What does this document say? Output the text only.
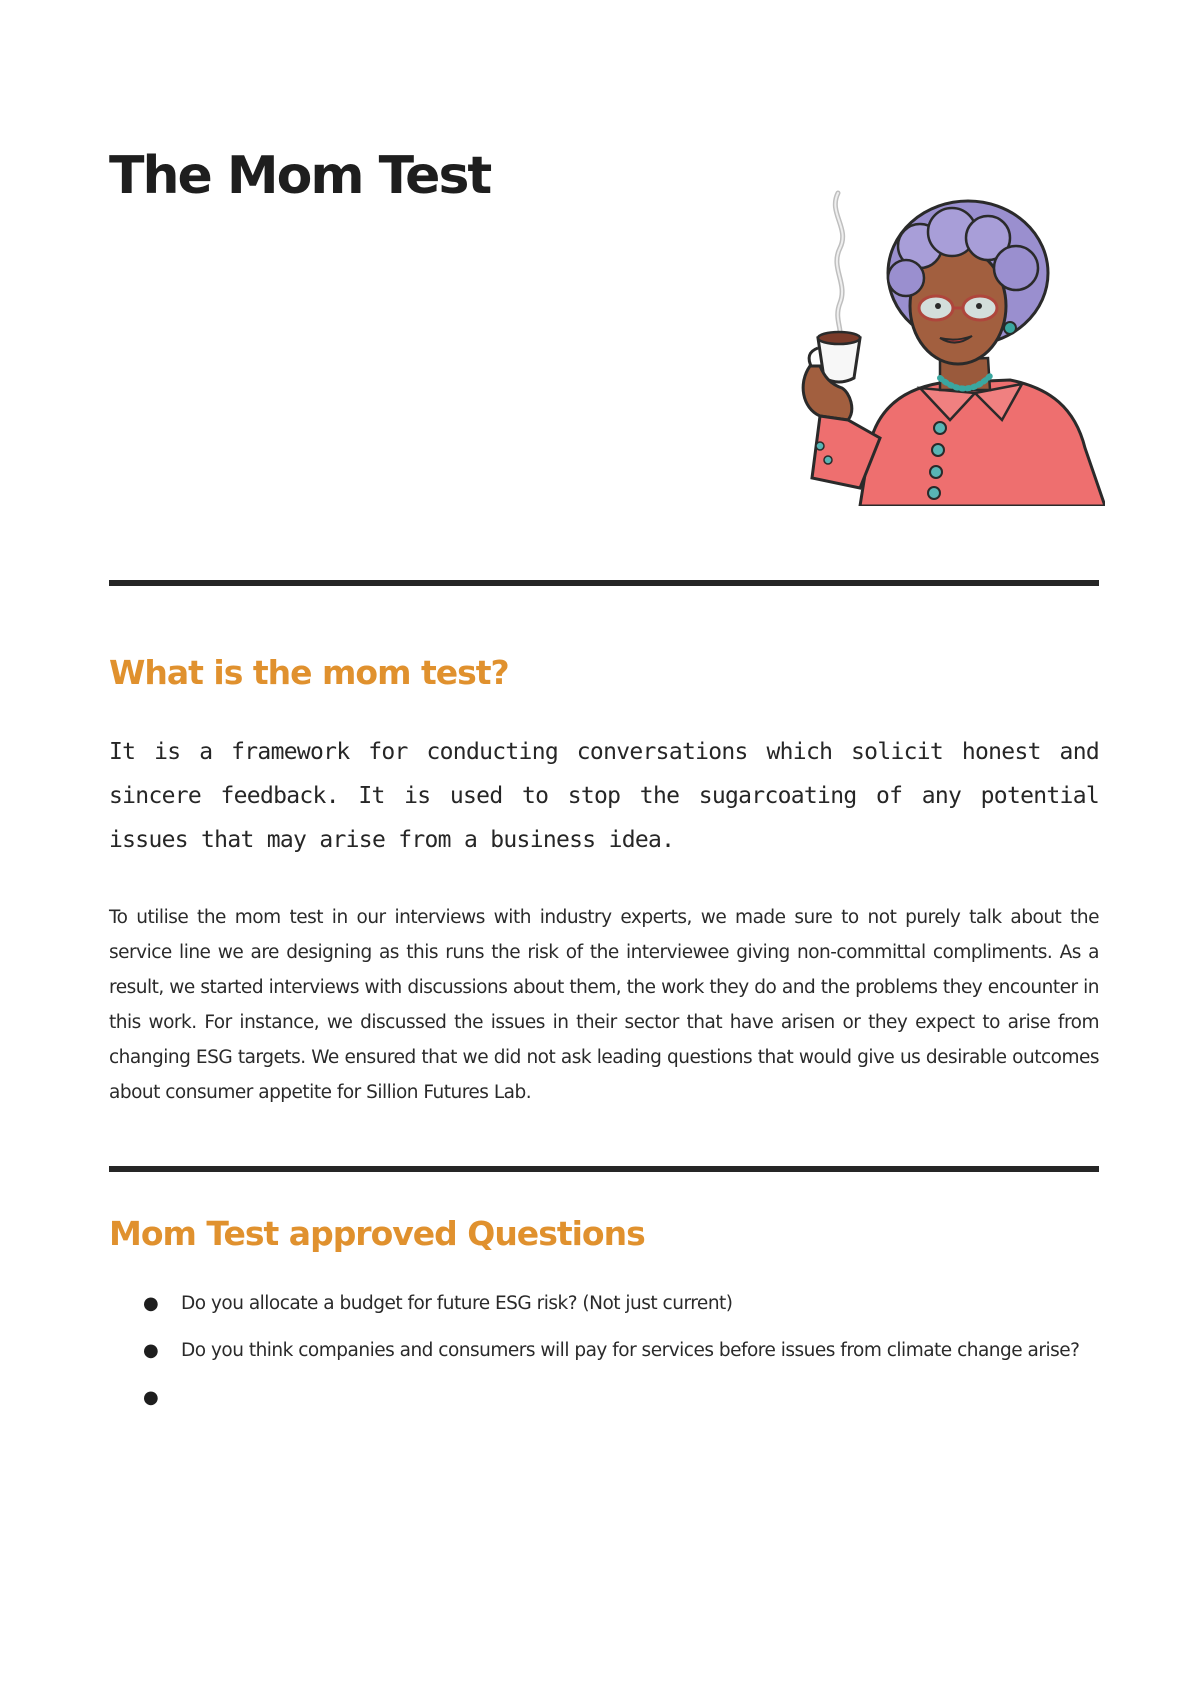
The Mom Test
What is the mom test?

It is a framework for conducting conversations which solicit honest and sincere feedback. It is used to stop the sugarcoating of any potential issues that may arise from a business idea.

To utilise the mom test in our interviews with industry experts, we made sure to not purely talk about the service line we are designing as this runs the risk of the interviewee giving non-committal compliments. As a result, we started interviews with discussions about them, the work they do and the problems they encounter in this work. For instance, we discussed the issues in their sector that have arisen or they expect to arise from changing ESG targets. We ensured that we did not ask leading questions that would give us desirable outcomes about consumer appetite for Sillion Futures Lab.

Mom Test approved Questions
● Do you allocate a budget for future ESG risk? (Not just current)
● Do you think companies and consumers will pay for services before issues from climate change arise?
●
